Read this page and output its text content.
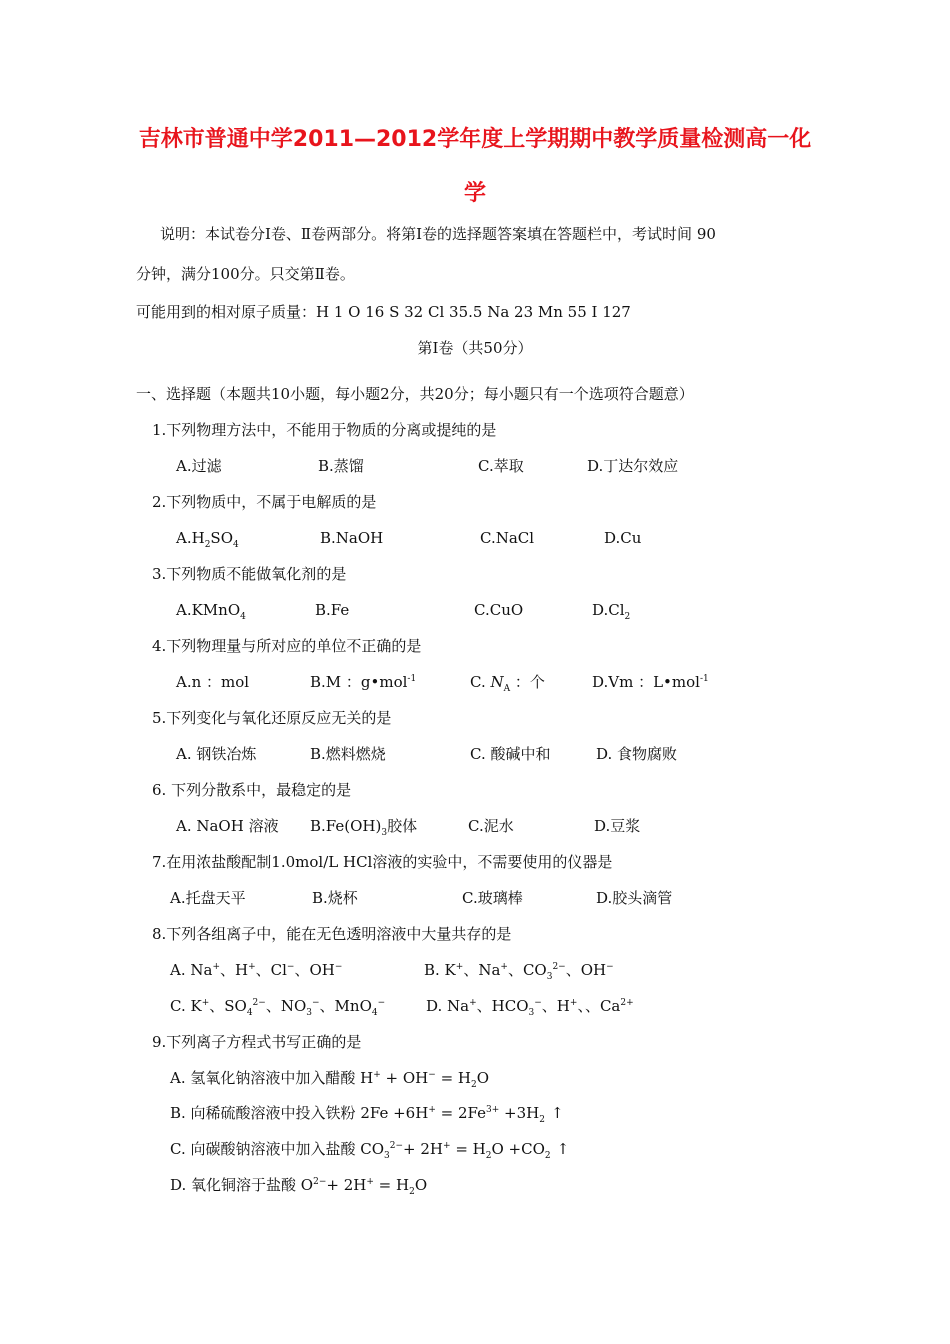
吉林市普通中学2011—2012学年度上学期期中教学质量检测高一化
学
说明：本试卷分Ⅰ卷、Ⅱ卷两部分。将第Ⅰ卷的选择题答案填在答题栏中，考试时间 90
分钟，满分100分。只交第Ⅱ卷。
可能用到的相对原子质量：H 1 O 16 S 32 Cl 35.5 Na 23 Mn 55 I 127
第Ⅰ卷（共50分）
一、选择题（本题共10小题，每小题2分，共20分；每小题只有一个选项符合题意）
1.下列物理方法中，不能用于物质的分离或提纯的是
A.过滤	B.蒸馏	C.萃取	D.丁达尔效应
2.下列物质中，不属于电解质的是
$A.H_2SO_4$	B.NaOH	C.NaCl	D.Cu
3.下列物质不能做氧化剂的是
A.KMnO$_4$	B.Fe	C.CuO	$D.Cl_2$
4.下列物理量与所对应的单位不正确的是
A.n ：mol	B.M ：g•mol$^{-1}$	C. $N_A$ ：个	D.Vm ：L•mol$^{-1}$
5.下列变化与氧化还原反应无关的是
A. 钢铁冶炼	B.燃料燃烧	C. 酸碱中和	D. 食物腐败
6. 下列分散系中，最稳定的是
A. NaOH 溶液 $B.Fe(OH)_3$胶体	C.泥水	D.豆浆
7.在用浓盐酸配制1.0mol/L HCl溶液的实验中，不需要使用的仪器是
A.托盘天平	B.烧杯	C.玻璃棒	D.胶头滴管
8.下列各组离子中，能在无色透明溶液中大量共存的是
A. Na+、H+、Cl−、OH−	B. K+、Na+、$CO_3^{2-}$、OH−
C. K+、$SO_4^{2-}$、$NO_3^-$、MnO$_4$−	D. Na+、$HCO_3^-$、H+、、$Ca^{2+}$
9.下列离子方程式书写正确的是
A. 氢氧化钠溶液中加入醋酸 $H^+ + OH^- = H_2O$
B. 向稀硫酸溶液中投入铁粉 $2Fe +6H^+ = 2Fe^{3+} +3H_2$ ↑
C. 向碳酸钠溶液中加入盐酸 $CO_3^{2-}+ 2H^+ = H_2O +CO_2$ ↑
D. 氧化铜溶于盐酸 $O^{2-}+ 2H^+ = H_2O$
